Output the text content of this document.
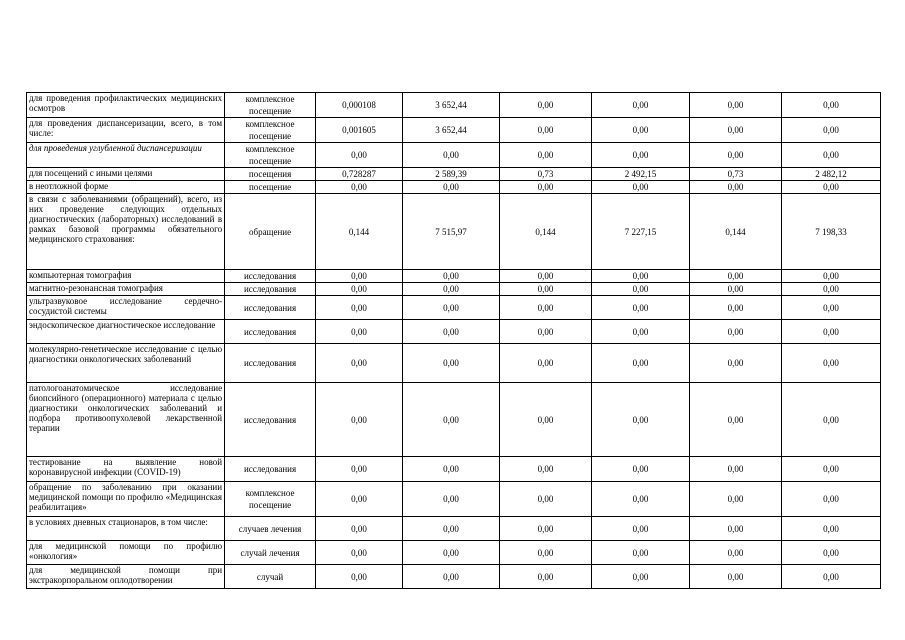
для проведения профилактических медицинских осмотров	комплексное посещение	0,000108	3 652,44	0,00	0,00	0,00	0,00
для проведения диспансеризации, всего, в том числе:	комплексное посещение	0,001605	3 652,44	0,00	0,00	0,00	0,00
для проведения углубленной диспансеризации	комплексное посещение	0,00	0,00	0,00	0,00	0,00	0,00
для посещений с иными целями	посещения	0,728287	2 589,39	0,73	2 492,15	0,73	2 482,12
в неотложной форме	посещение	0,00	0,00	0,00	0,00	0,00	0,00
в связи с заболеваниями (обращений), всего, из них проведение следующих отдельных диагностических (лабораторных) исследований в рамках базовой программы обязательного медицинского страхования:	обращение	0,144	7 515,97	0,144	7 227,15	0,144	7 198,33
компьютерная томография	исследования	0,00	0,00	0,00	0,00	0,00	0,00
магнитно-резонансная томография	исследования	0,00	0,00	0,00	0,00	0,00	0,00
ультразвуковое исследование сердечно-сосудистой системы	исследования	0,00	0,00	0,00	0,00	0,00	0,00
эндоскопическое диагностическое исследование	исследования	0,00	0,00	0,00	0,00	0,00	0,00
молекулярно-генетическое исследование с целью диагностики онкологических заболеваний	исследования	0,00	0,00	0,00	0,00	0,00	0,00
патологоанатомическое исследование биопсийного (операционного) материала с целью диагностики онкологических заболеваний и подбора противоопухолевой лекарственной терапии	исследования	0,00	0,00	0,00	0,00	0,00	0,00
тестирование на выявление новой коронавирусной инфекции (COVID-19)	исследования	0,00	0,00	0,00	0,00	0,00	0,00
обращение по заболеванию при оказании медицинской помощи по профилю «Медицинская реабилитация»	комплексное посещение	0,00	0,00	0,00	0,00	0,00	0,00
в условиях дневных стационаров, в том числе:	случаев лечения	0,00	0,00	0,00	0,00	0,00	0,00
для медицинской помощи по профилю «онкология»	случай лечения	0,00	0,00	0,00	0,00	0,00	0,00
для медицинской помощи при экстракорпоральном оплодотворении	случай	0,00	0,00	0,00	0,00	0,00	0,00
